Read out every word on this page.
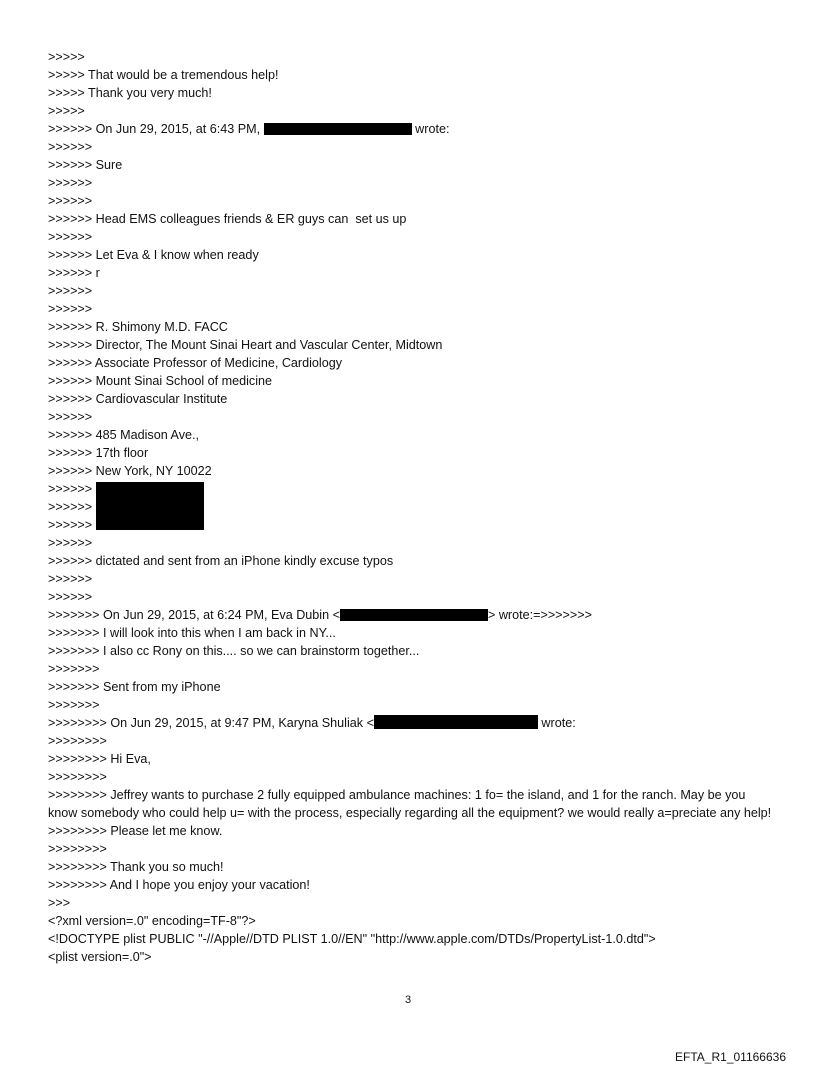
>>>>>
>>>>> That would be a tremendous help!
>>>>> Thank you very much!
>>>>>
>>>>>> On Jun 29, 2015, at 6:43 PM,	wrote:
>>>>>>
>>>>>> Sure
>>>>>>
>>>>>>
>>>>>> Head EMS colleagues friends & ER guys can  set us up
>>>>>>
>>>>>> Let Eva & I know when ready
>>>>>> r
>>>>>>
>>>>>>
>>>>>> R. Shimony M.D. FACC
>>>>>> Director, The Mount Sinai Heart and Vascular Center, Midtown
>>>>>> Associate Professor of Medicine, Cardiology
>>>>>> Mount Sinai School of medicine
>>>>>> Cardiovascular Institute
>>>>>>
>>>>>> 485 Madison Ave.,
>>>>>> 17th floor
>>>>>> New York, NY 10022
>>>>>>
>>>>>>
>>>>>>
>>>>>>
>>>>>> dictated and sent from an iPhone kindly excuse typos
>>>>>>
>>>>>>
>>>>>>> On Jun 29, 2015, at 6:24 PM, Eva Dubin <	> wrote:=>>>>>>>
>>>>>>> I will look into this when I am back in NY...
>>>>>>> I also cc Rony on this.... so we can brainstorm together...
>>>>>>>
>>>>>>> Sent from my iPhone
>>>>>>>
>>>>>>>> On Jun 29, 2015, at 9:47 PM, Karyna Shuliak <	wrote:
>>>>>>>>
>>>>>>>> Hi Eva,
>>>>>>>>
>>>>>>>> Jeffrey wants to purchase 2 fully equipped ambulance machines: 1 fo= the island, and 1 for the ranch. May be you know somebody who could help u= with the process, especially regarding all the equipment? we would really a=preciate any help!
>>>>>>>> Please let me know.
>>>>>>>>
>>>>>>>> Thank you so much!
>>>>>>>> And I hope you enjoy your vacation!
>>>
<?xml version=.0" encoding=TF-8"?>
<!DOCTYPE plist PUBLIC "-//Apple//DTD PLIST 1.0//EN" "http://www.apple.com/DTDs/PropertyList-1.0.dtd">
<plist version=.0">
3
EFTA_R1_01166636
